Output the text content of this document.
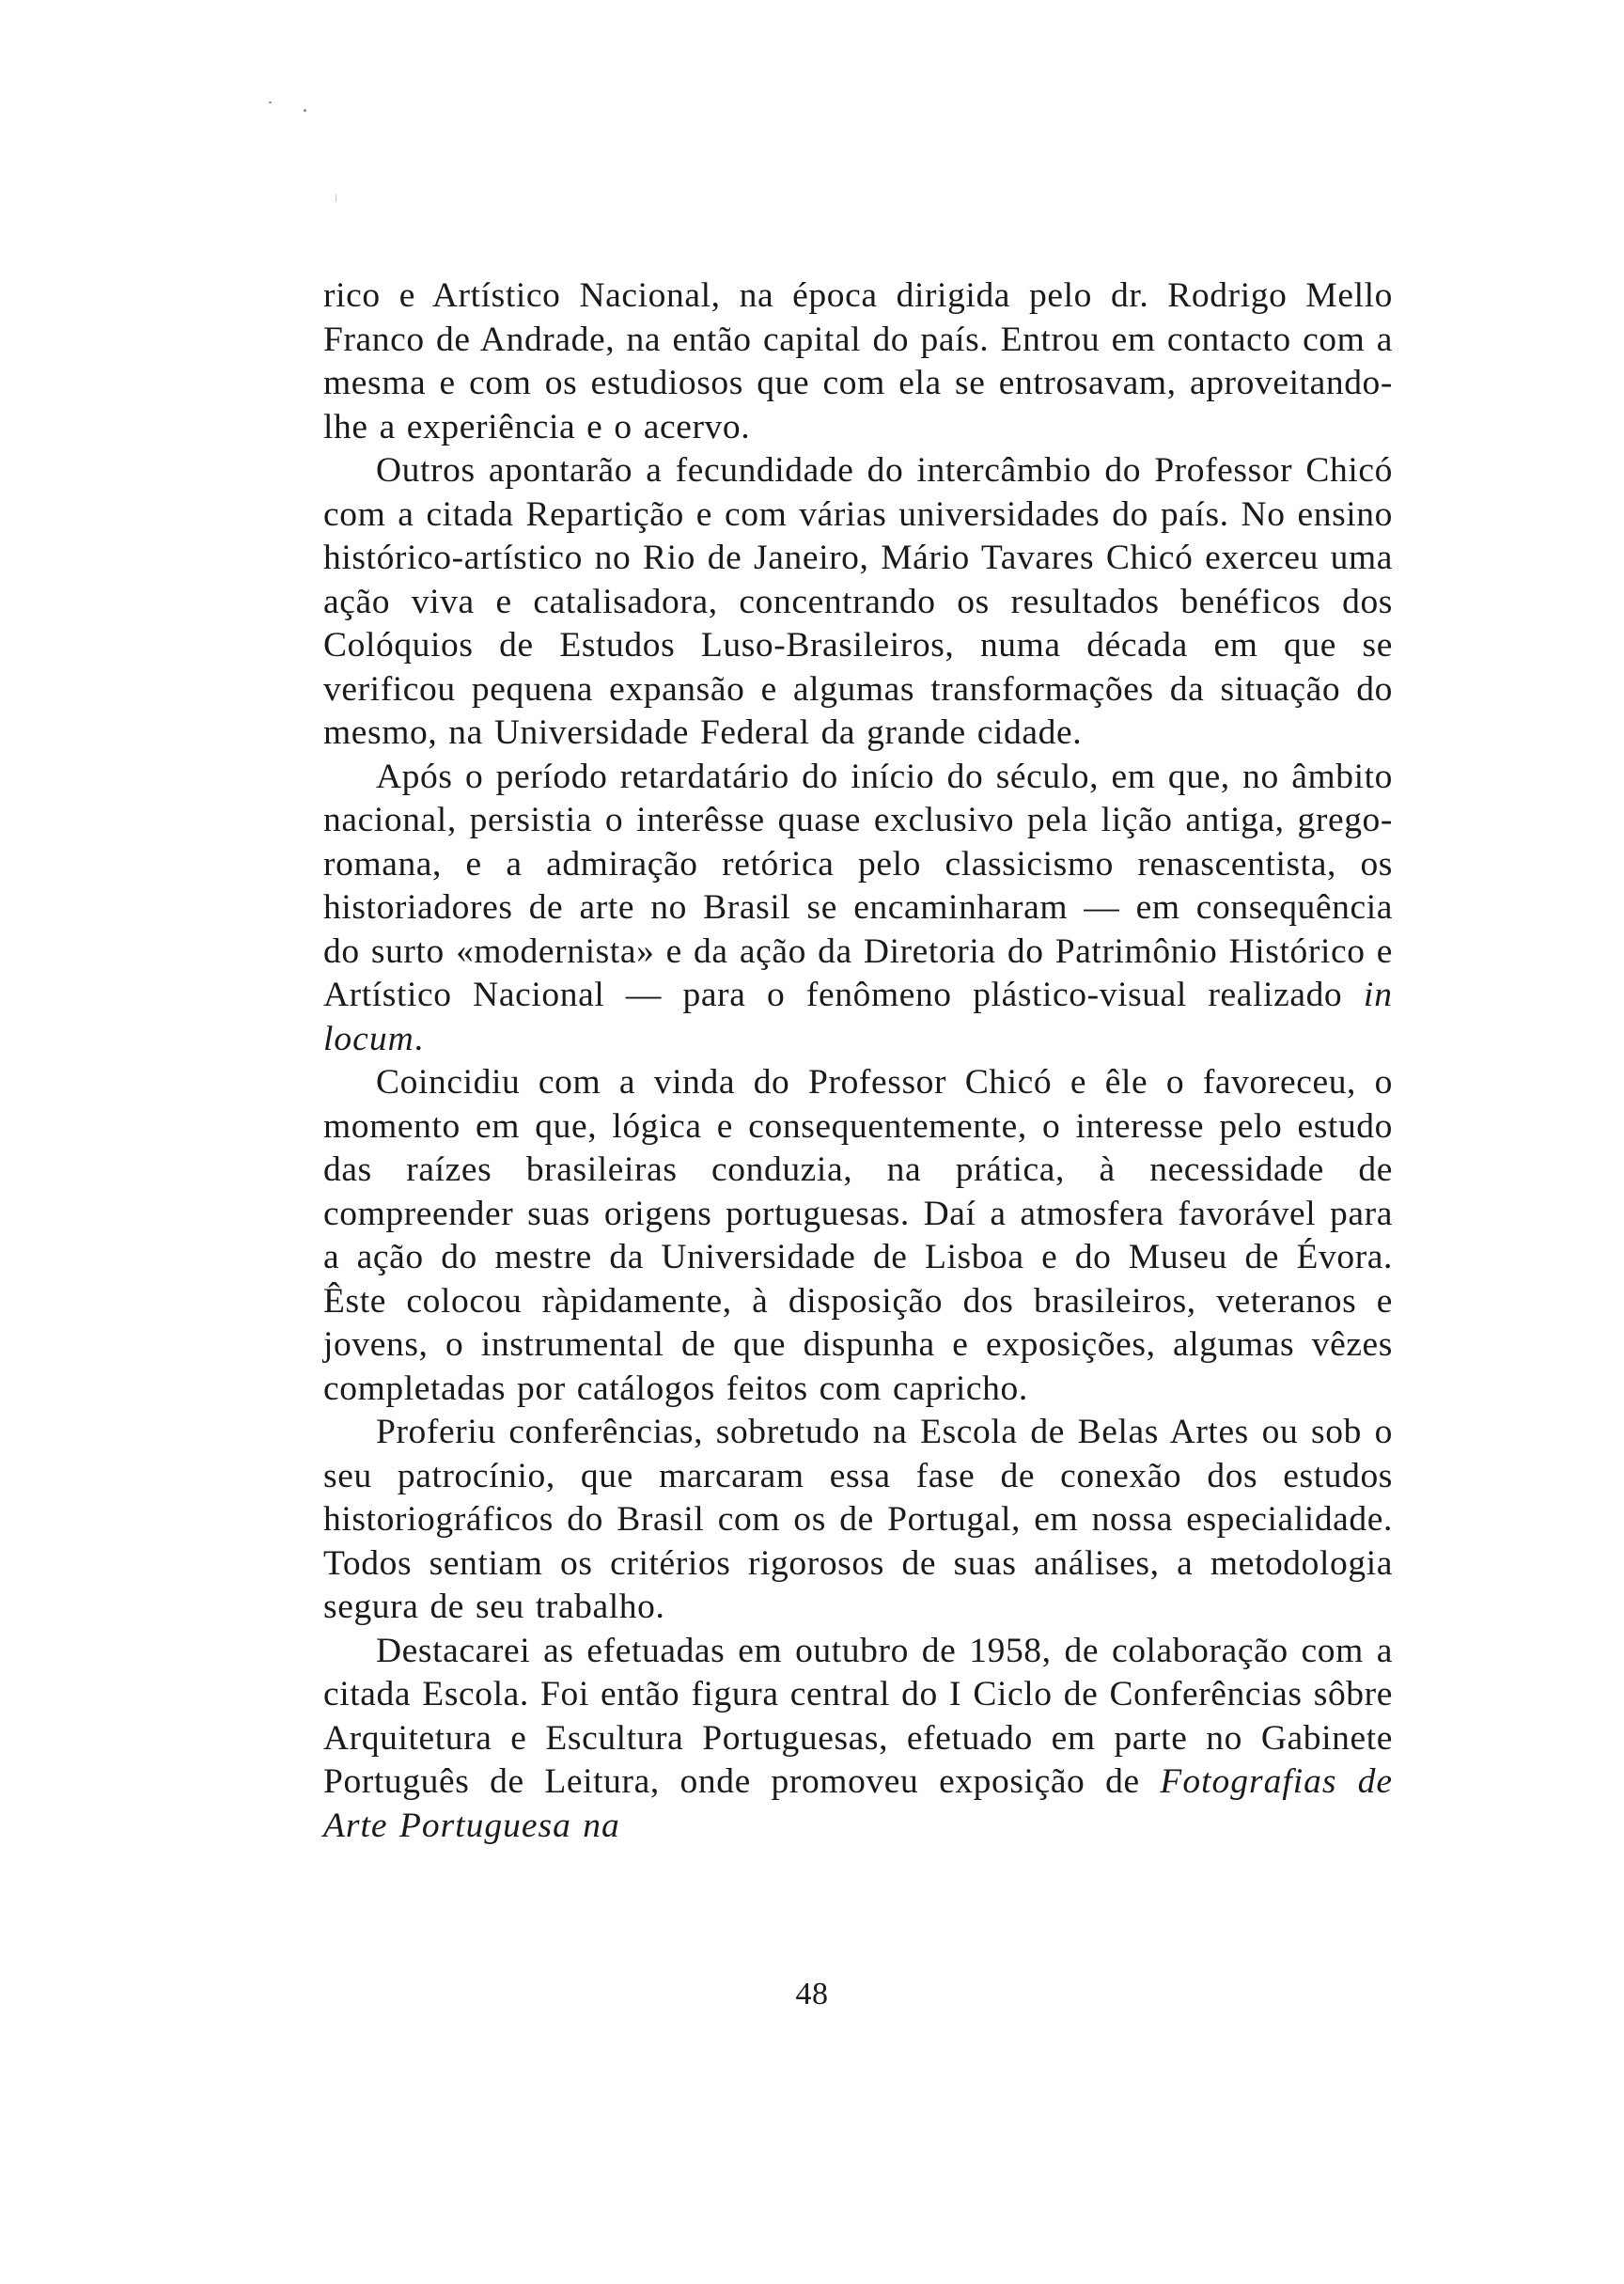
rico e Artístico Nacional, na época dirigida pelo dr. Rodrigo Mello Franco de Andrade, na então capital do país. Entrou em contacto com a mesma e com os estudiosos que com ela se entrosavam, aproveitando-lhe a experiência e o acervo.

Outros apontarão a fecundidade do intercâmbio do Professor Chicó com a citada Repartição e com várias universidades do país. No ensino histórico-artístico no Rio de Janeiro, Mário Tavares Chicó exerceu uma ação viva e catalisadora, concentrando os resultados benéficos dos Colóquios de Estudos Luso-Brasileiros, numa década em que se verificou pequena expansão e algumas transformações da situação do mesmo, na Universidade Federal da grande cidade.

Após o período retardatário do início do século, em que, no âmbito nacional, persistia o interêsse quase exclusivo pela lição antiga, grego-romana, e a admiração retórica pelo classicismo renascentista, os historiadores de arte no Brasil se encaminharam — em consequência do surto «modernista» e da ação da Diretoria do Patrimônio Histórico e Artístico Nacional — para o fenômeno plástico-visual realizado in locum.

Coincidiu com a vinda do Professor Chicó e êle o favoreceu, o momento em que, lógica e consequentemente, o interesse pelo estudo das raízes brasileiras conduzia, na prática, à necessidade de compreender suas origens portuguesas. Daí a atmosfera favorável para a ação do mestre da Universidade de Lisboa e do Museu de Évora. Êste colocou ràpidamente, à disposição dos brasileiros, veteranos e jovens, o instrumental de que dispunha e exposições, algumas vêzes completadas por catálogos feitos com capricho.

Proferiu conferências, sobretudo na Escola de Belas Artes ou sob o seu patrocínio, que marcaram essa fase de conexão dos estudos historiográficos do Brasil com os de Portugal, em nossa especialidade. Todos sentiam os critérios rigorosos de suas análises, a metodologia segura de seu trabalho.

Destacarei as efetuadas em outubro de 1958, de colaboração com a citada Escola. Foi então figura central do I Ciclo de Conferências sôbre Arquitetura e Escultura Portuguesas, efetuado em parte no Gabinete Português de Leitura, onde promoveu exposição de Fotografias de Arte Portuguesa na

48
